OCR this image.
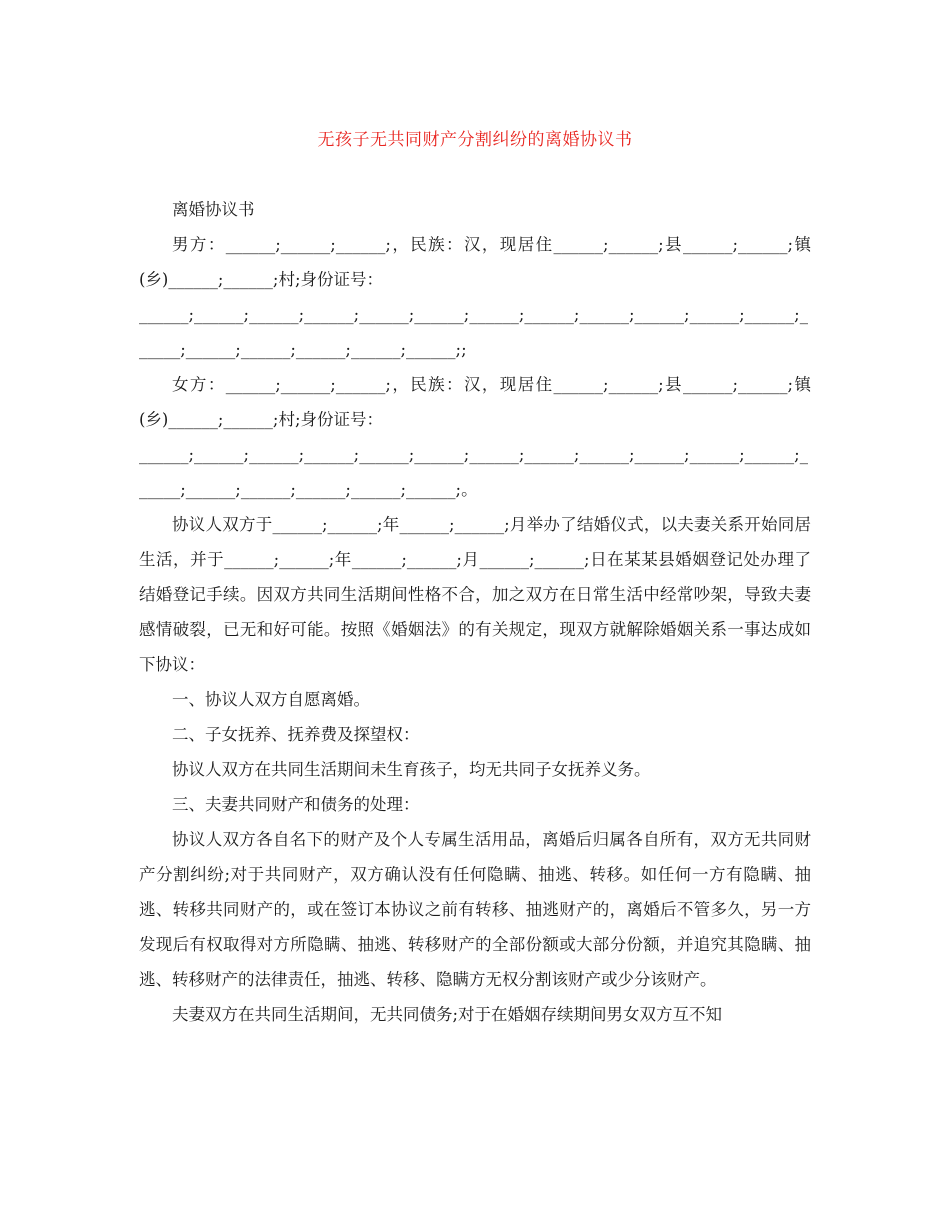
无孩子无共同财产分割纠纷的离婚协议书

离婚协议书

男方：______;______;______;，民族：汉，现居住______;______;县______;______;镇(乡)______;______;村;身份证号：

______;______;______;______;______;______;______;______;______;______;______;______;______;______;______;______;______;______;;

女方：______;______;______;，民族：汉，现居住______;______;县______;______;镇(乡)______;______;村;身份证号：

______;______;______;______;______;______;______;______;______;______;______;______;______;______;______;______;______;______;。

协议人双方于______;______;年______;______;月举办了结婚仪式，以夫妻关系开始同居生活，并于______;______;年______;______;月______;______;日在某某县婚姻登记处办理了结婚登记手续。因双方共同生活期间性格不合，加之双方在日常生活中经常吵架，导致夫妻感情破裂，已无和好可能。按照《婚姻法》的有关规定，现双方就解除婚姻关系一事达成如下协议：

一、协议人双方自愿离婚。

二、子女抚养、抚养费及探望权：

协议人双方在共同生活期间未生育孩子，均无共同子女抚养义务。

三、夫妻共同财产和债务的处理：

协议人双方各自名下的财产及个人专属生活用品，离婚后归属各自所有，双方无共同财产分割纠纷;对于共同财产，双方确认没有任何隐瞒、抽逃、转移。如任何一方有隐瞒、抽逃、转移共同财产的，或在签订本协议之前有转移、抽逃财产的，离婚后不管多久，另一方发现后有权取得对方所隐瞒、抽逃、转移财产的全部份额或大部分份额，并追究其隐瞒、抽逃、转移财产的法律责任，抽逃、转移、隐瞒方无权分割该财产或少分该财产。

夫妻双方在共同生活期间，无共同债务;对于在婚姻存续期间男女双方互不知
